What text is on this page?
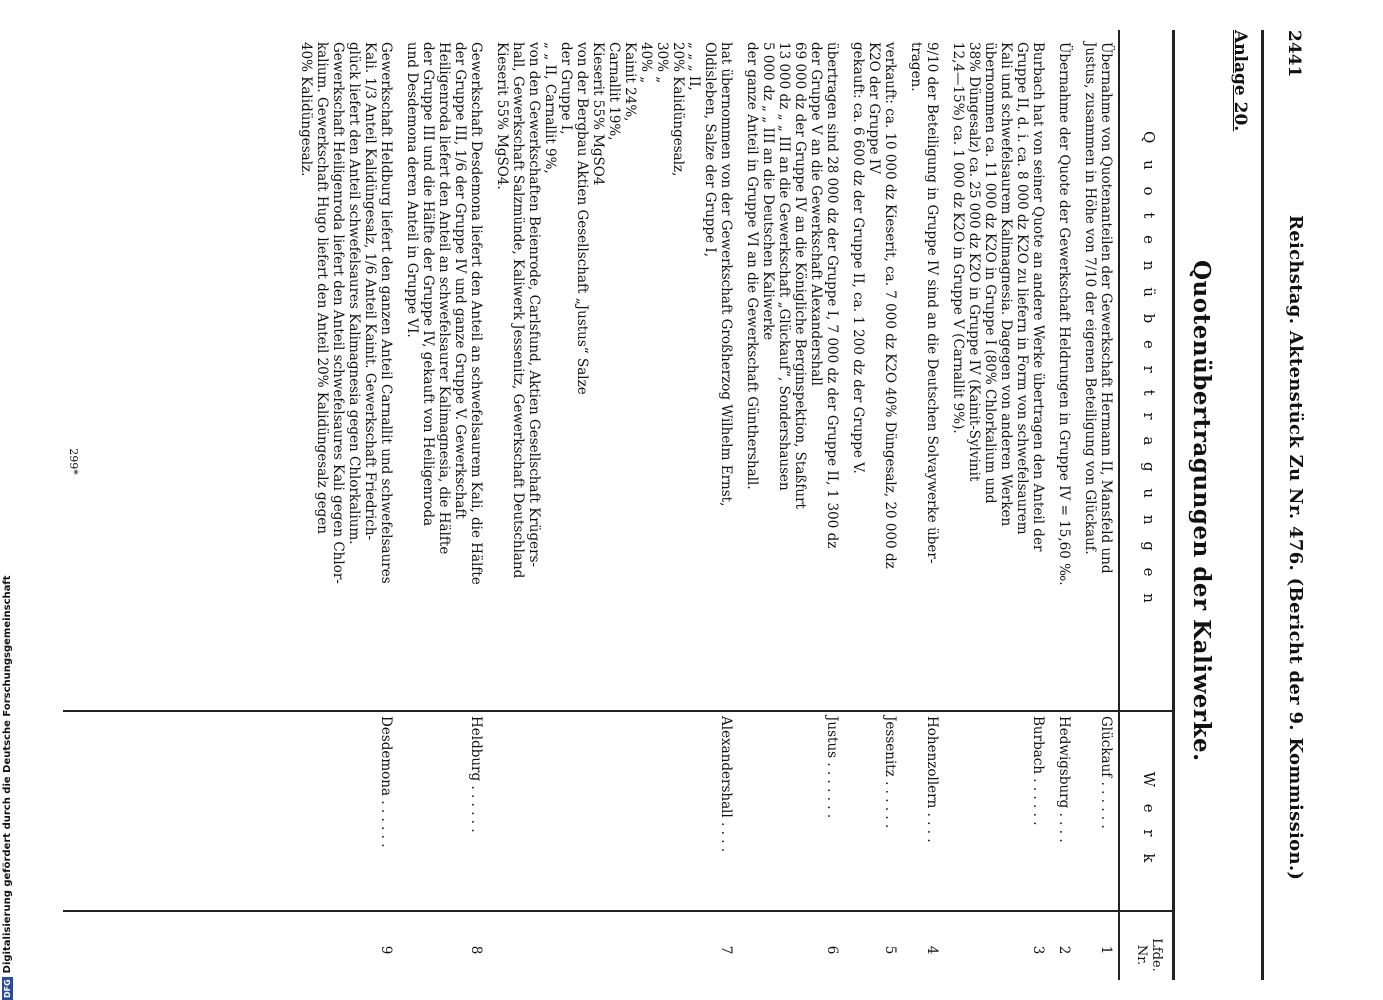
2441
Reichstag. Aktenstück Zu Nr. 476. (Bericht der 9. Kommission.)
Anlage 20.
Quotenübertragungen der Kaliwerke.
Q u o t e n ü b e r t r a g u n g e n
W e r k
Lfde. Nr.
1
Glückauf . . . . . .

Übernahme von Quotenanteilen der Gewerkschaft Hermann II, Mansfeld und

Justus, zusammen in Höhe von 7/10 der eigenen Beteiligung von Glückauf.

2
Hedwigsburg . . . .

Übernahme der Quote der Gewerkschaft Heldrungen in Gruppe IV = 15,60 ‰.

3
Burbach . . . . . .

Burbach hat von seiner Quote an andere Werke übertragen den Anteil der

Gruppe II, d. i. ca. 8 000 dz K2O zu liefern in Form von schwefelsaurem

Kali und schwefelsaurem Kalimagnesia. Dagegen von anderen Werken

übernommen ca. 11 000 dz K2O in Gruppe I (80% Chlorkalium und

38% Düngesalz) ca. 25 000 dz K2O in Gruppe IV (Kainit-Sylvinit

12,4—15%) ca. 1 000 dz K2O in Gruppe V (Carnallit 9%).

4
Hohenzollern . . . .

9/10 der Beteiligung in Gruppe IV sind an die Deutschen Solvaywerke über-

tragen.

5
Jessenitz . . . . . .

verkauft: ca. 10 000 dz Kieserit, ca. 7 000 dz K2O 40% Düngesalz, 20 000 dz

K2O der Gruppe IV

gekauft: ca. 6 600 dz der Gruppe II, ca. 1 200 dz der Gruppe V.

6
Justus . . . . . . .

übertragen sind 28 000 dz der Gruppe I, 7 000 dz der Gruppe II, 1 300 dz

der Gruppe V an die Gewerkschaft Alexandershall

69 000 dz der Gruppe IV an die Königliche Berginspektion, Staßfurt

13 000 dz „ „ III an die Gewerkschaft „Glückauf“, Sondershausen

5 000 dz „ „ III an die Deutschen Kaliwerke

der ganze Anteil in Gruppe VI an die Gewerkschaft Günthershall.

7
Alexandershall . . . .

hat übernommen von der Gewerkschaft Großherzog Wilhelm Ernst,

Oldisleben, Salze der Gruppe I,

„ „ „ II,

20% Kalidüngesalz,

30% „

40% „

Kainit 24%,

Carnallit 19%,

Kieserit 55% MgSO4

von der Bergbau Aktien Gesellschaft „Justus“ Salze

der Gruppe I,

„ „ II, Carnallit 9%,

von den Gewerkschaften Beienrode, Carlsfund, Aktien Gesellschaft Krügers-

hall, Gewerkschaft Salzmünde, Kaliwerk Jessenitz, Gewerkschaft Deutschland

Kieserit 55% MgSO4.

8
Heldburg . . . . . .

Gewerkschaft Desdemona liefert den Anteil an schwefelsaurem Kali, die Hälfte

der Gruppe III, 1/6 der Gruppe IV und ganze Gruppe V. Gewerkschaft

Heiligenroda liefert den Anteil an schwefelsaurer Kalimagnesia, die Hälfte

der Gruppe III und die Hälfte der Gruppe IV, gekauft von Heiligenroda

und Desdemona deren Anteil in Gruppe VI.

9
Desdemona . . . . . .

Gewerkschaft Heldburg liefert den ganzen Anteil Carnallit und schwefelsaures

Kali. 1/3 Anteil Kalidüngesalz, 1/6 Anteil Kainit. Gewerkschaft Friedrich-

glück liefert den Anteil schwefelsaures Kalimagnesia gegen Chlorkalium.

Gewerkschaft Heiligenroda liefert den Anteil schwefelsaures Kali gegen Chlor-

kalium. Gewerkschaft Hugo liefert den Anteil 20% Kalidüngesalz gegen

40% Kalidüngesalz.

DFGDigitalisierung gefördert durch die Deutsche Forschungsgemeinschaft
299*
